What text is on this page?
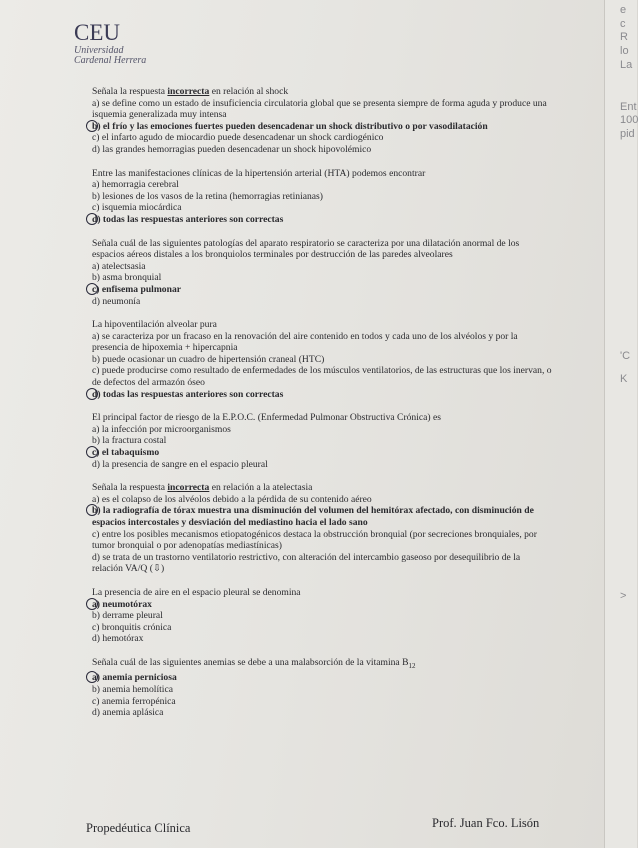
e
c
R
lo
La
Ent
100
pid
'C
K
>
CEU
Universidad
Cardenal Herrera

Señala la respuesta incorrecta en relación al shock

a) se define como un estado de insuficiencia circulatoria global que se presenta siempre de forma aguda y produce una isquemia generalizada muy intensa

b) el frío y las emociones fuertes pueden desencadenar un shock distributivo o por vasodilatación

c) el infarto agudo de miocardio puede desencadenar un shock cardiogénico

d) las grandes hemorragias pueden desencadenar un shock hipovolémico

Entre las manifestaciones clínicas de la hipertensión arterial (HTA) podemos encontrar

a) hemorragia cerebral

b) lesiones de los vasos de la retina (hemorragias retinianas)

c) isquemia miocárdica

d) todas las respuestas anteriores son correctas

Señala cuál de las siguientes patologías del aparato respiratorio se caracteriza por una dilatación anormal de los espacios aéreos distales a los bronquiolos terminales por destrucción de las paredes alveolares

a) atelectsasia

b) asma bronquial

c) enfisema pulmonar

d) neumonía

La hipoventilación alveolar pura

a) se caracteriza por un fracaso en la renovación del aire contenido en todos y cada uno de los alvéolos y por la presencia de hipoxemia + hipercapnia

b) puede ocasionar un cuadro de hipertensión craneal (HTC)

c) puede producirse como resultado de enfermedades de los músculos ventilatorios, de las estructuras que los inervan, o de defectos del armazón óseo

d) todas las respuestas anteriores son correctas

El principal factor de riesgo de la E.P.O.C. (Enfermedad Pulmonar Obstructiva Crónica) es

a) la infección por microorganismos

b) la fractura costal

c) el tabaquismo

d) la presencia de sangre en el espacio pleural

Señala la respuesta incorrecta en relación a la atelectasia

a) es el colapso de los alvéolos debido a la pérdida de su contenido aéreo

b) la radiografía de tórax muestra una disminución del volumen del hemitórax afectado, con disminución de espacios intercostales y desviación del mediastino hacia el lado sano

c) entre los posibles mecanismos etiopatogénicos destaca la obstrucción bronquial (por secreciones bronquiales, por tumor bronquial o por adenopatías mediastínicas)

d) se trata de un trastorno ventilatorio restrictivo, con alteración del intercambio gaseoso por desequilibrio de la relación VA/Q (⇩)

La presencia de aire en el espacio pleural se denomina

a) neumotórax

b) derrame pleural

c) bronquitis crónica

d) hemotórax

Señala cuál de las siguientes anemias se debe a una malabsorción de la vitamina $B_{12}$

a) anemia perniciosa

b) anemia hemolítica

c) anemia ferropénica

d) anemia aplásica

Propedéutica Clínica	Prof. Juan Fco. Lisón
